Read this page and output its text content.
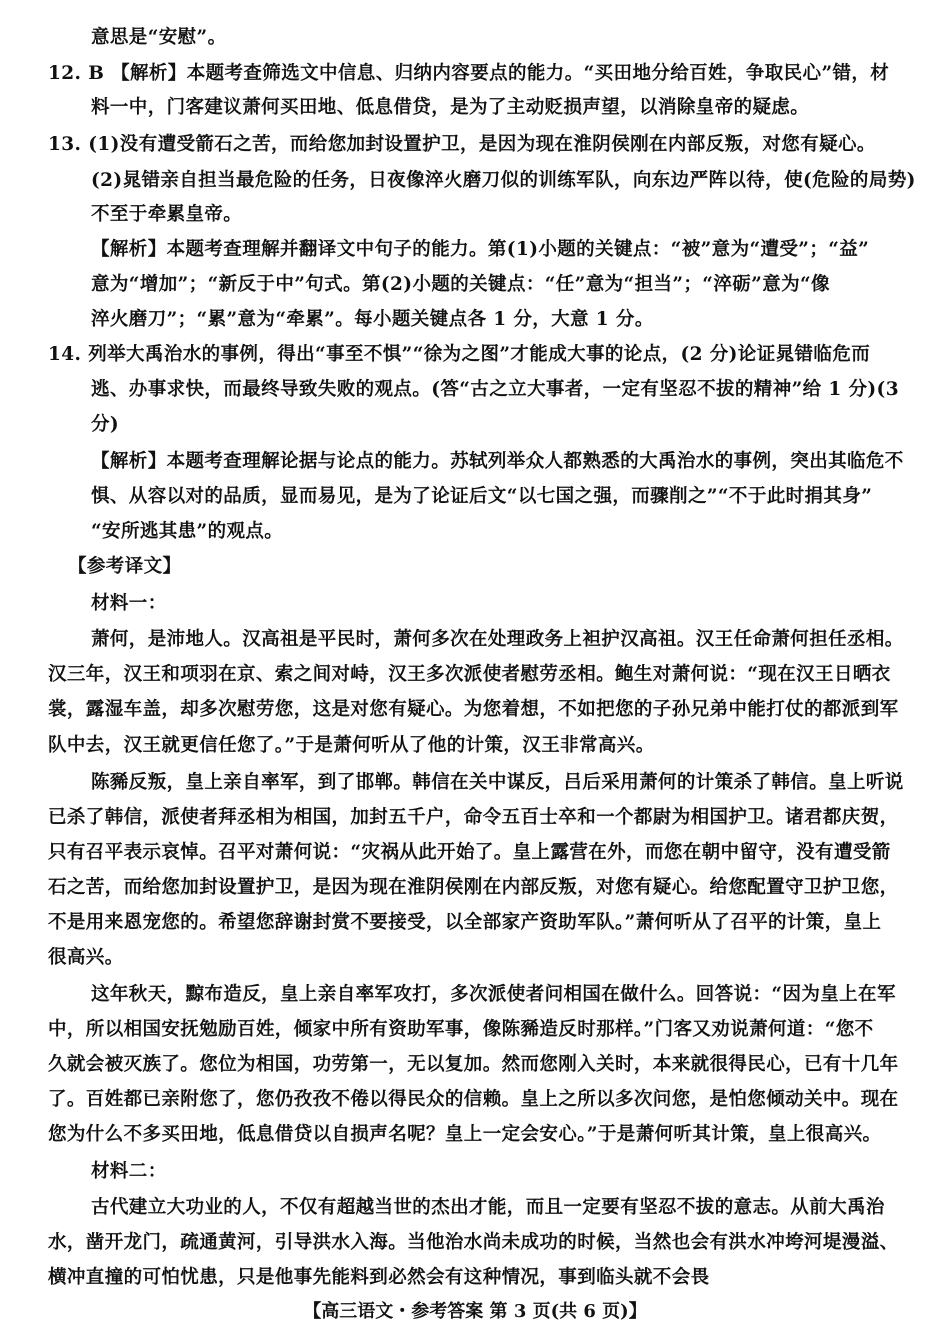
意思是“安慰”。
12. B 【解析】本题考查筛选文中信息、归纳内容要点的能力。“买田地分给百姓，争取民心”错，材
料一中，门客建议萧何买田地、低息借贷，是为了主动贬损声望，以消除皇帝的疑虑。
13. (1)没有遭受箭石之苦，而给您加封设置护卫，是因为现在淮阴侯刚在内部反叛，对您有疑心。
(2)晁错亲自担当最危险的任务，日夜像淬火磨刀似的训练军队，向东边严阵以待，使(危险的局势)
不至于牵累皇帝。
【解析】本题考查理解并翻译文中句子的能力。第(1)小题的关键点：“被”意为“遭受”；“益”
意为“增加”；“新反于中”句式。第(2)小题的关键点：“任”意为“担当”；“淬砺”意为“像
淬火磨刀”；“累”意为“牵累”。每小题关键点各 1 分，大意 1 分。
14. 列举大禹治水的事例，得出“事至不惧”“徐为之图”才能成大事的论点，(2 分)论证晁错临危而
逃、办事求快，而最终导致失败的观点。(答“古之立大事者，一定有坚忍不拔的精神”给 1 分)(3
分)
【解析】本题考查理解论据与论点的能力。苏轼列举众人都熟悉的大禹治水的事例，突出其临危不
惧、从容以对的品质，显而易见，是为了论证后文“以七国之强，而骤削之”“不于此时捐其身”
“安所逃其患”的观点。
【参考译文】
材料一：
萧何，是沛地人。汉高祖是平民时，萧何多次在处理政务上袒护汉高祖。汉王任命萧何担任丞相。
汉三年，汉王和项羽在京、索之间对峙，汉王多次派使者慰劳丞相。鲍生对萧何说：“现在汉王日晒衣
裳，露湿车盖，却多次慰劳您，这是对您有疑心。为您着想，不如把您的子孙兄弟中能打仗的都派到军
队中去，汉王就更信任您了。”于是萧何听从了他的计策，汉王非常高兴。
陈豨反叛，皇上亲自率军，到了邯郸。韩信在关中谋反，吕后采用萧何的计策杀了韩信。皇上听说
已杀了韩信，派使者拜丞相为相国，加封五千户，命令五百士卒和一个都尉为相国护卫。诸君都庆贺，
只有召平表示哀悼。召平对萧何说：“灾祸从此开始了。皇上露营在外，而您在朝中留守，没有遭受箭
石之苦，而给您加封设置护卫，是因为现在淮阴侯刚在内部反叛，对您有疑心。给您配置守卫护卫您，
不是用来恩宠您的。希望您辞谢封赏不要接受，以全部家产资助军队。”萧何听从了召平的计策，皇上
很高兴。
这年秋天，黥布造反，皇上亲自率军攻打，多次派使者问相国在做什么。回答说：“因为皇上在军
中，所以相国安抚勉励百姓，倾家中所有资助军事，像陈豨造反时那样。”门客又劝说萧何道：“您不
久就会被灭族了。您位为相国，功劳第一，无以复加。然而您刚入关时，本来就很得民心，已有十几年
了。百姓都已亲附您了，您仍孜孜不倦以得民众的信赖。皇上之所以多次问您，是怕您倾动关中。现在
您为什么不多买田地，低息借贷以自损声名呢？皇上一定会安心。”于是萧何听其计策，皇上很高兴。
材料二：
古代建立大功业的人，不仅有超越当世的杰出才能，而且一定要有坚忍不拔的意志。从前大禹治
水，凿开龙门，疏通黄河，引导洪水入海。当他治水尚未成功的时候，当然也会有洪水冲垮河堤漫溢、
横冲直撞的可怕忧患，只是他事先能料到必然会有这种情况，事到临头就不会畏
【高三语文・参考答案 第 3 页(共 6 页)】
